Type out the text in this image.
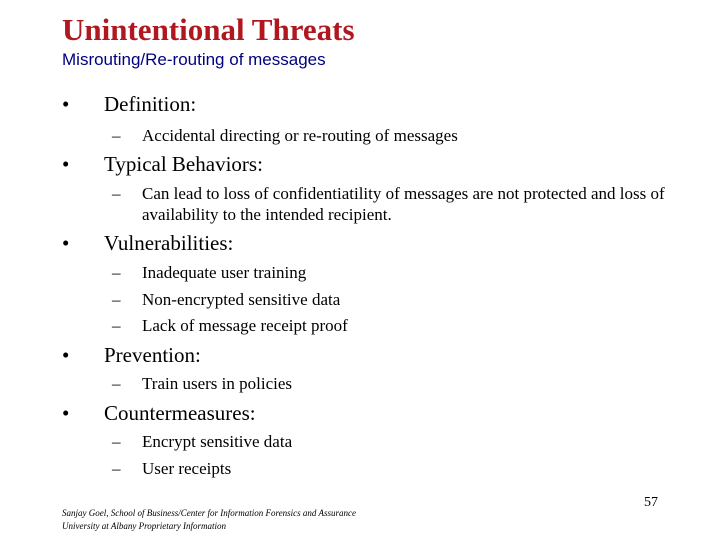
Unintentional Threats
Misrouting/Re-routing of messages
• Definition:
– Accidental directing or re-routing of messages
• Typical Behaviors:
– Can lead to loss of confidentiatility of messages are not protected and loss of availability to the intended recipient.
• Vulnerabilities:
– Inadequate user training
– Non-encrypted sensitive data
– Lack of message receipt proof
• Prevention:
– Train users in policies
• Countermeasures:
– Encrypt sensitive data
– User receipts
Sanjay Goel, School of Business/Center for Information Forensics and Assurance
University at Albany Proprietary Information
57
